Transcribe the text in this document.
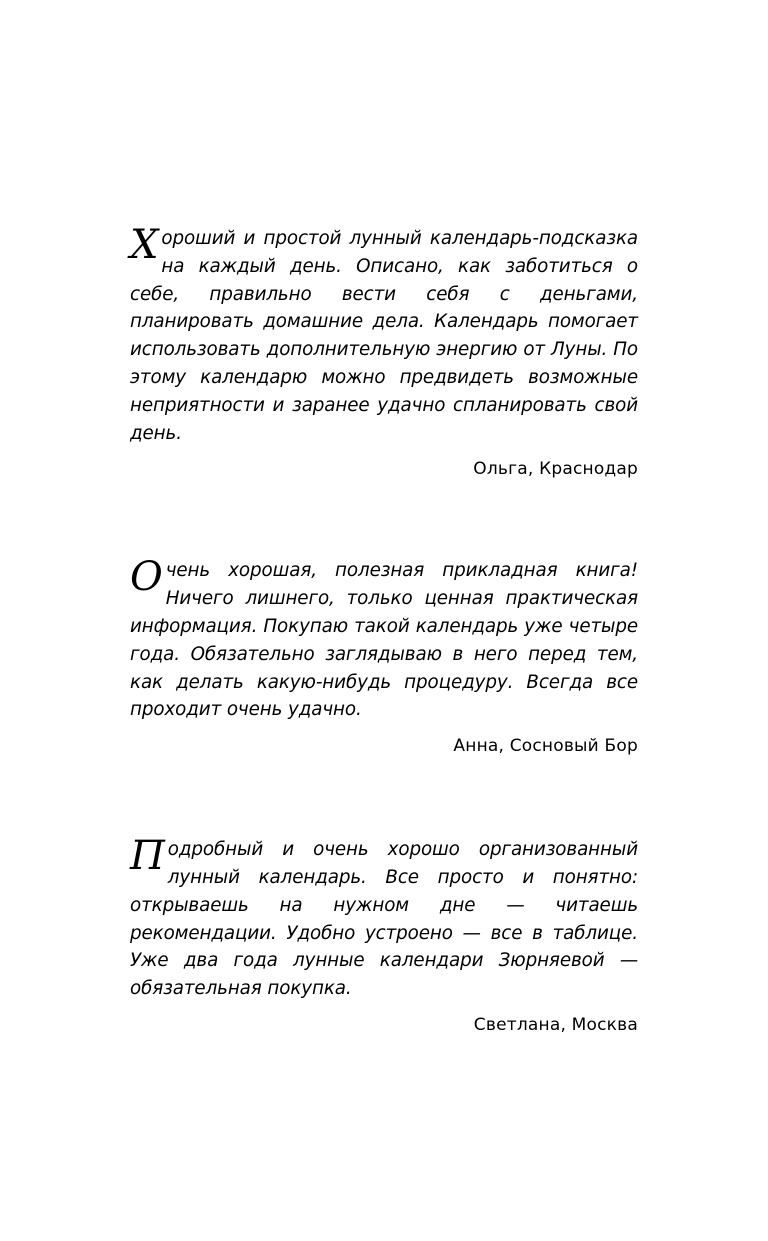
Хороший и простой лунный календарь-подсказка на каждый день. Описано, как заботиться о себе, правильно вести себя с деньгами, планировать домашние дела. Календарь помогает использовать дополнительную энергию от Луны. По этому календарю можно предвидеть возможные неприятности и заранее удачно спланировать свой день.

Ольга, Краснодар

Очень хорошая, полезная прикладная книга! Ничего лишнего, только ценная практическая информация. Покупаю такой календарь уже четыре года. Обязательно заглядываю в него перед тем, как делать какую-нибудь процедуру. Всегда все проходит очень удачно.

Анна, Сосновый Бор

Подробный и очень хорошо организованный лунный календарь. Все просто и понятно: открываешь на нужном дне — читаешь рекомендации. Удобно устроено — все в таблице. Уже два года лунные календари Зюрняевой — обязательная покупка.

Светлана, Москва
